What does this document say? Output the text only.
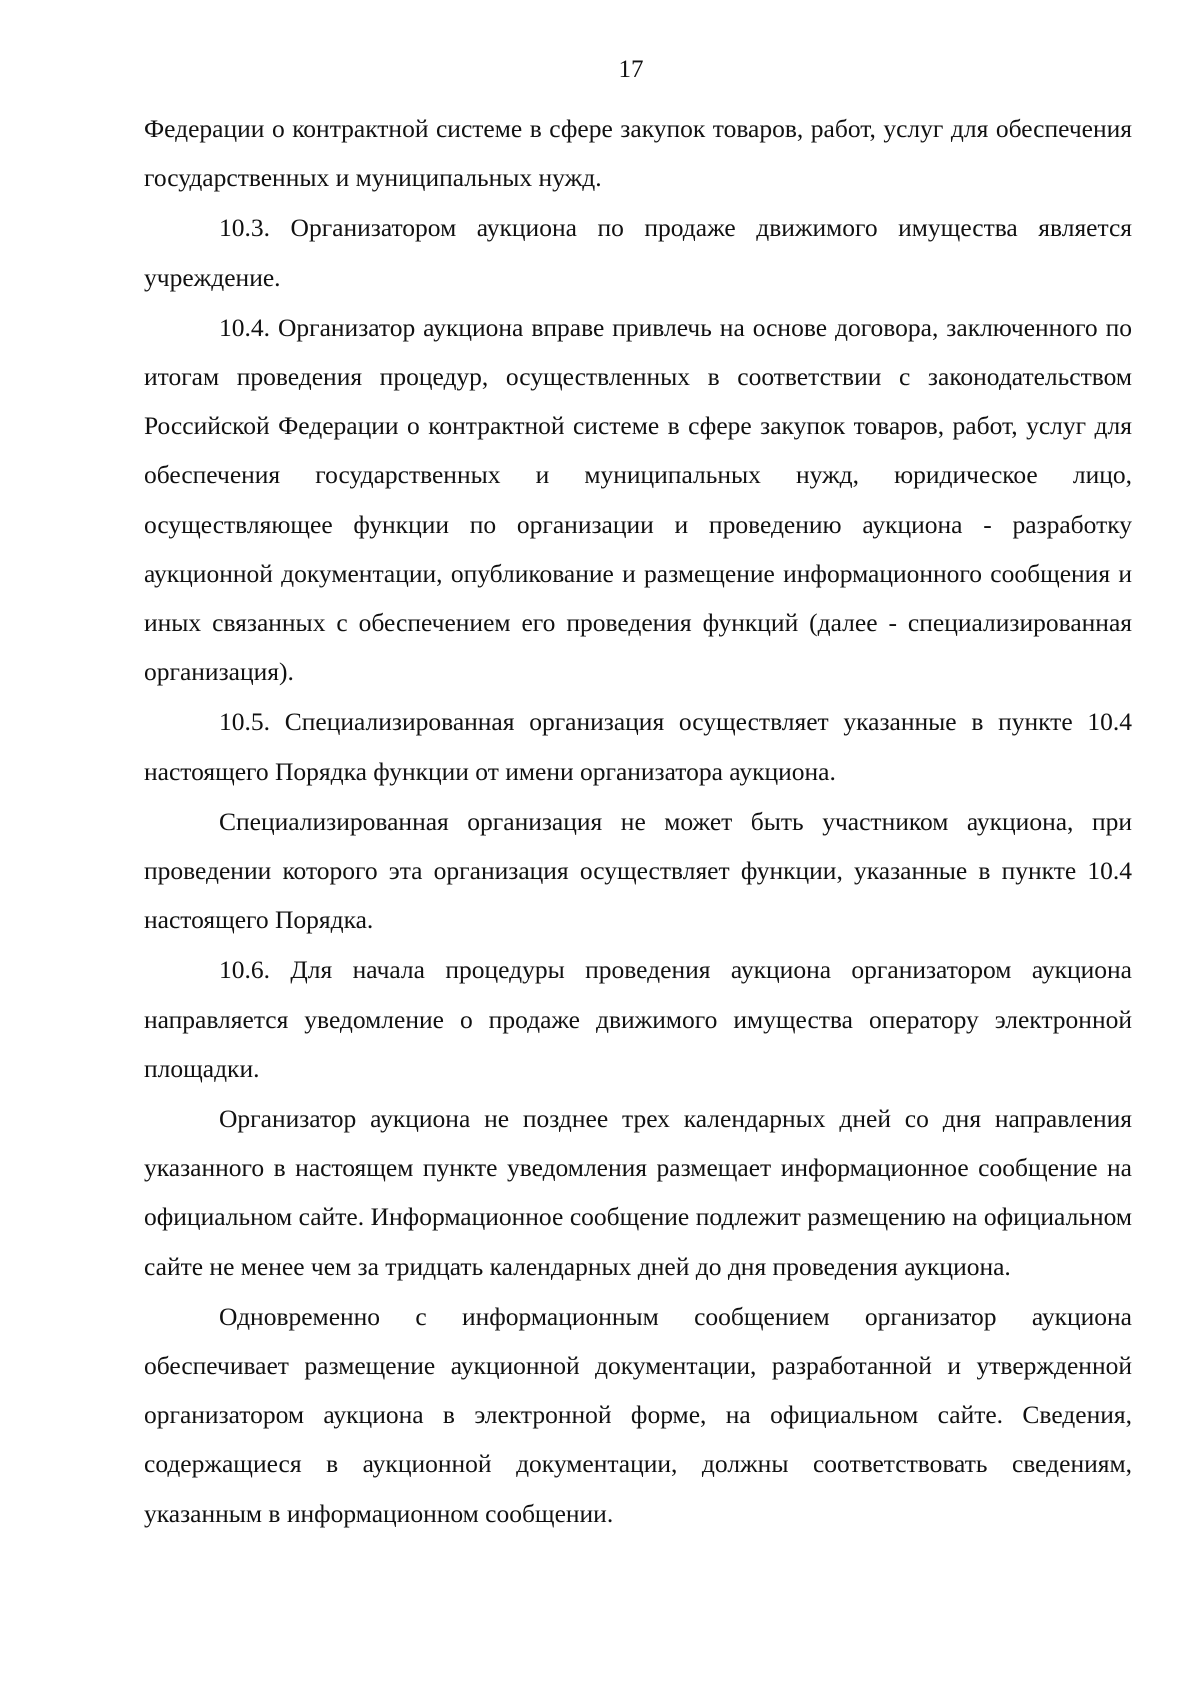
17

Федерации о контрактной системе в сфере закупок товаров, работ, услуг для обеспечения государственных и муниципальных нужд.

10.3. Организатором аукциона по продаже движимого имущества является учреждение.

10.4. Организатор аукциона вправе привлечь на основе договора, заключенного по итогам проведения процедур, осуществленных в соответствии с законодательством Российской Федерации о контрактной системе в сфере закупок товаров, работ, услуг для обеспечения государственных и муниципальных нужд, юридическое лицо, осуществляющее функции по организации и проведению аукциона - разработку аукционной документации, опубликование и размещение информационного сообщения и иных связанных с обеспечением его проведения функций (далее - специализированная организация).

10.5. Специализированная организация осуществляет указанные в пункте 10.4 настоящего Порядка функции от имени организатора аукциона.

Специализированная организация не может быть участником аукциона, при проведении которого эта организация осуществляет функции, указанные в пункте 10.4 настоящего Порядка.

10.6. Для начала процедуры проведения аукциона организатором аукциона направляется уведомление о продаже движимого имущества оператору электронной площадки.

Организатор аукциона не позднее трех календарных дней со дня направления указанного в настоящем пункте уведомления размещает информационное сообщение на официальном сайте. Информационное сообщение подлежит размещению на официальном сайте не менее чем за тридцать календарных дней до дня проведения аукциона.

Одновременно с информационным сообщением организатор аукциона обеспечивает размещение аукционной документации, разработанной и утвержденной организатором аукциона в электронной форме, на официальном сайте. Сведения, содержащиеся в аукционной документации, должны соответствовать сведениям, указанным в информационном сообщении.
